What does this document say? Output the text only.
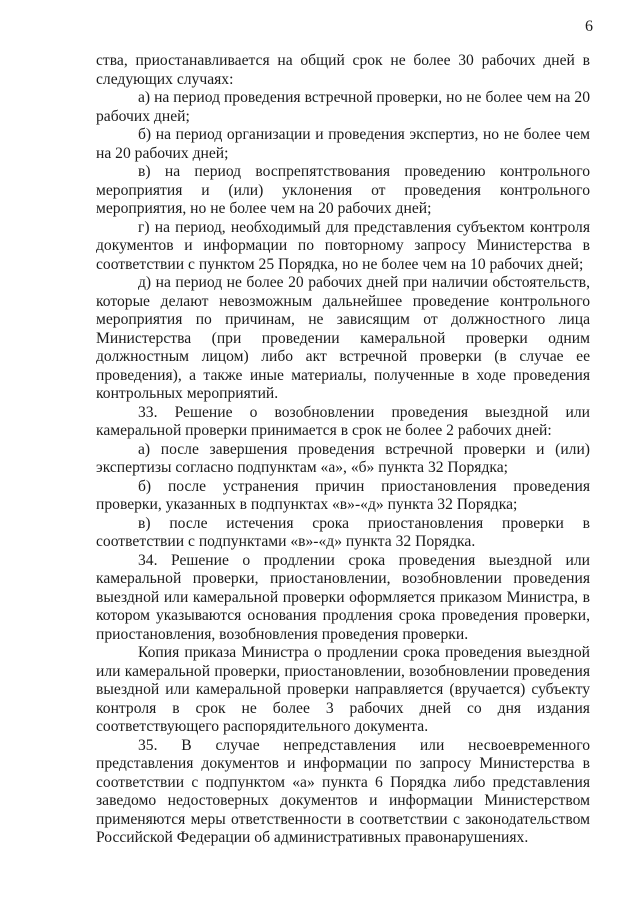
6

ства, приостанавливается на общий срок не более 30 рабочих дней в следующих случаях:

а) на период проведения встречной проверки, но не более чем на 20 рабочих дней;

б) на период организации и проведения экспертиз, но не более чем на 20 рабочих дней;

в) на период воспрепятствования проведению контрольного мероприятия и (или) уклонения от проведения контрольного мероприятия, но не более чем на 20 рабочих дней;

г) на период, необходимый для представления субъектом контроля документов и информации по повторному запросу Министерства в соответствии с пунктом 25 Порядка, но не более чем на 10 рабочих дней;

д) на период не более 20 рабочих дней при наличии обстоятельств, которые делают невозможным дальнейшее проведение контрольного мероприятия по причинам, не зависящим от должностного лица Министерства (при проведении камеральной проверки одним должностным лицом) либо акт встречной проверки (в случае ее проведения), а также иные материалы, полученные в ходе проведения контрольных мероприятий.

33. Решение о возобновлении проведения выездной или камеральной проверки принимается в срок не более 2 рабочих дней:

а) после завершения проведения встречной проверки и (или) экспертизы согласно подпунктам «а», «б» пункта 32 Порядка;

б) после устранения причин приостановления проведения проверки, указанных в подпунктах «в»-«д» пункта 32 Порядка;

в) после истечения срока приостановления проверки в соответствии с подпунктами «в»-«д» пункта 32 Порядка.

34. Решение о продлении срока проведения выездной или камеральной проверки, приостановлении, возобновлении проведения выездной или камеральной проверки оформляется приказом Министра, в котором указываются основания продления срока проведения проверки, приостановления, возобновления проведения проверки.

Копия приказа Министра о продлении срока проведения выездной или камеральной проверки, приостановлении, возобновлении проведения выездной или камеральной проверки направляется (вручается) субъекту контроля в срок не более 3 рабочих дней со дня издания соответствующего распорядительного документа.

35. В случае непредставления или несвоевременного представления документов и информации по запросу Министерства в соответствии с подпунктом «а» пункта 6 Порядка либо представления заведомо недостоверных документов и информации Министерством применяются меры ответственности в соответствии с законодательством Российской Федерации об административных правонарушениях.
